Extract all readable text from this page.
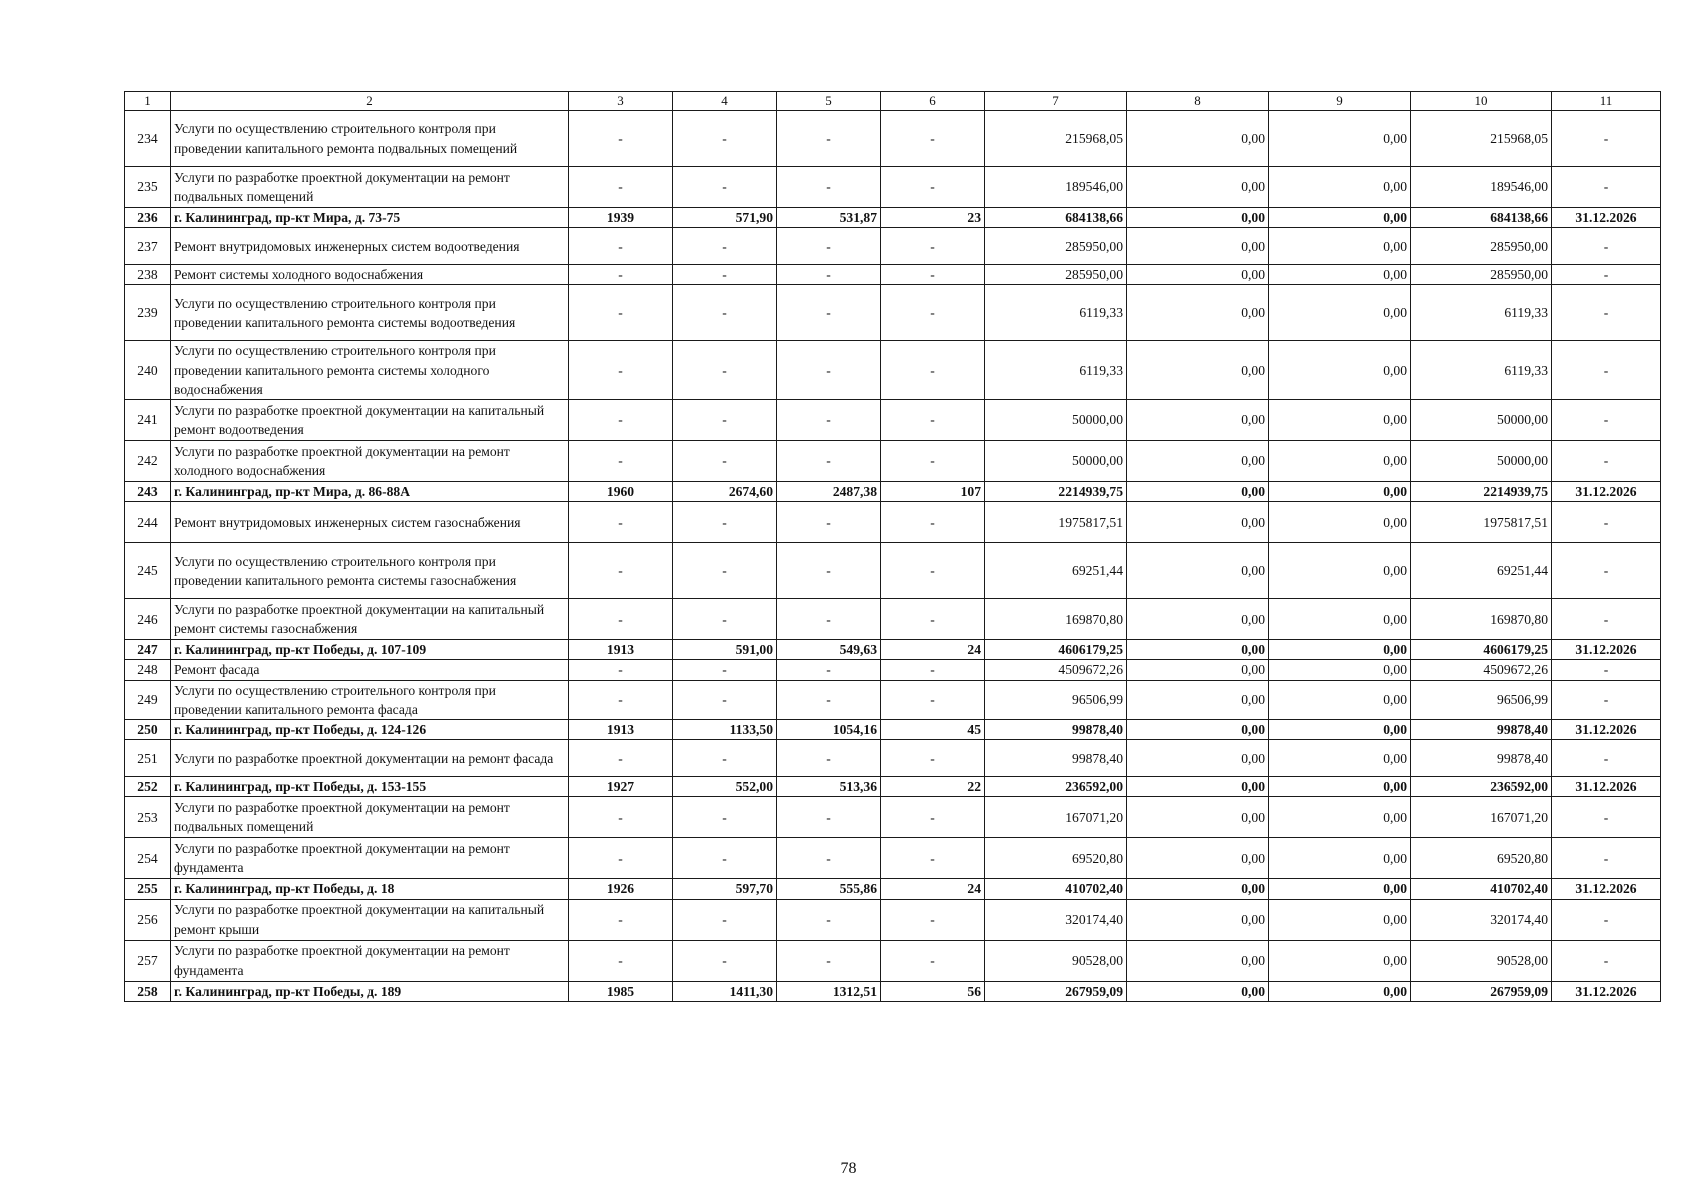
1	2	3	4	5	6	7	8	9	10	11
234	Услуги по осуществлению строительного контроля при проведении капитального ремонта подвальных помещений	-	-	-	-	215968,05	0,00	0,00	215968,05	-
235	Услуги по разработке проектной документации на ремонт подвальных помещений	-	-	-	-	189546,00	0,00	0,00	189546,00	-
236	г. Калининград, пр-кт Мира, д. 73-75	1939	571,90	531,87	23	684138,66	0,00	0,00	684138,66	31.12.2026
237	Ремонт внутридомовых инженерных систем водоотведения	-	-	-	-	285950,00	0,00	0,00	285950,00	-
238	Ремонт системы холодного водоснабжения	-	-	-	-	285950,00	0,00	0,00	285950,00	-
239	Услуги по осуществлению строительного контроля при проведении капитального ремонта системы водоотведения	-	-	-	-	6119,33	0,00	0,00	6119,33	-
240	Услуги по осуществлению строительного контроля при проведении капитального ремонта системы холодного водоснабжения	-	-	-	-	6119,33	0,00	0,00	6119,33	-
241	Услуги по разработке проектной документации на капитальный ремонт водоотведения	-	-	-	-	50000,00	0,00	0,00	50000,00	-
242	Услуги по разработке проектной документации на ремонт холодного водоснабжения	-	-	-	-	50000,00	0,00	0,00	50000,00	-
243	г. Калининград, пр-кт Мира, д. 86-88А	1960	2674,60	2487,38	107	2214939,75	0,00	0,00	2214939,75	31.12.2026
244	Ремонт внутридомовых инженерных систем газоснабжения	-	-	-	-	1975817,51	0,00	0,00	1975817,51	-
245	Услуги по осуществлению строительного контроля при проведении капитального ремонта системы газоснабжения	-	-	-	-	69251,44	0,00	0,00	69251,44	-
246	Услуги по разработке проектной документации на капитальный ремонт системы газоснабжения	-	-	-	-	169870,80	0,00	0,00	169870,80	-
247	г. Калининград, пр-кт Победы, д. 107-109	1913	591,00	549,63	24	4606179,25	0,00	0,00	4606179,25	31.12.2026
248	Ремонт фасада	-	-	-	-	4509672,26	0,00	0,00	4509672,26	-
249	Услуги по осуществлению строительного контроля при проведении капитального ремонта фасада	-	-	-	-	96506,99	0,00	0,00	96506,99	-
250	г. Калининград, пр-кт Победы, д. 124-126	1913	1133,50	1054,16	45	99878,40	0,00	0,00	99878,40	31.12.2026
251	Услуги по разработке проектной документации на ремонт фасада	-	-	-	-	99878,40	0,00	0,00	99878,40	-
252	г. Калининград, пр-кт Победы, д. 153-155	1927	552,00	513,36	22	236592,00	0,00	0,00	236592,00	31.12.2026
253	Услуги по разработке проектной документации на ремонт подвальных помещений	-	-	-	-	167071,20	0,00	0,00	167071,20	-
254	Услуги по разработке проектной документации на ремонт фундамента	-	-	-	-	69520,80	0,00	0,00	69520,80	-
255	г. Калининград, пр-кт Победы, д. 18	1926	597,70	555,86	24	410702,40	0,00	0,00	410702,40	31.12.2026
256	Услуги по разработке проектной документации на капитальный ремонт крыши	-	-	-	-	320174,40	0,00	0,00	320174,40	-
257	Услуги по разработке проектной документации на ремонт фундамента	-	-	-	-	90528,00	0,00	0,00	90528,00	-
258	г. Калининград, пр-кт Победы, д. 189	1985	1411,30	1312,51	56	267959,09	0,00	0,00	267959,09	31.12.2026
78
